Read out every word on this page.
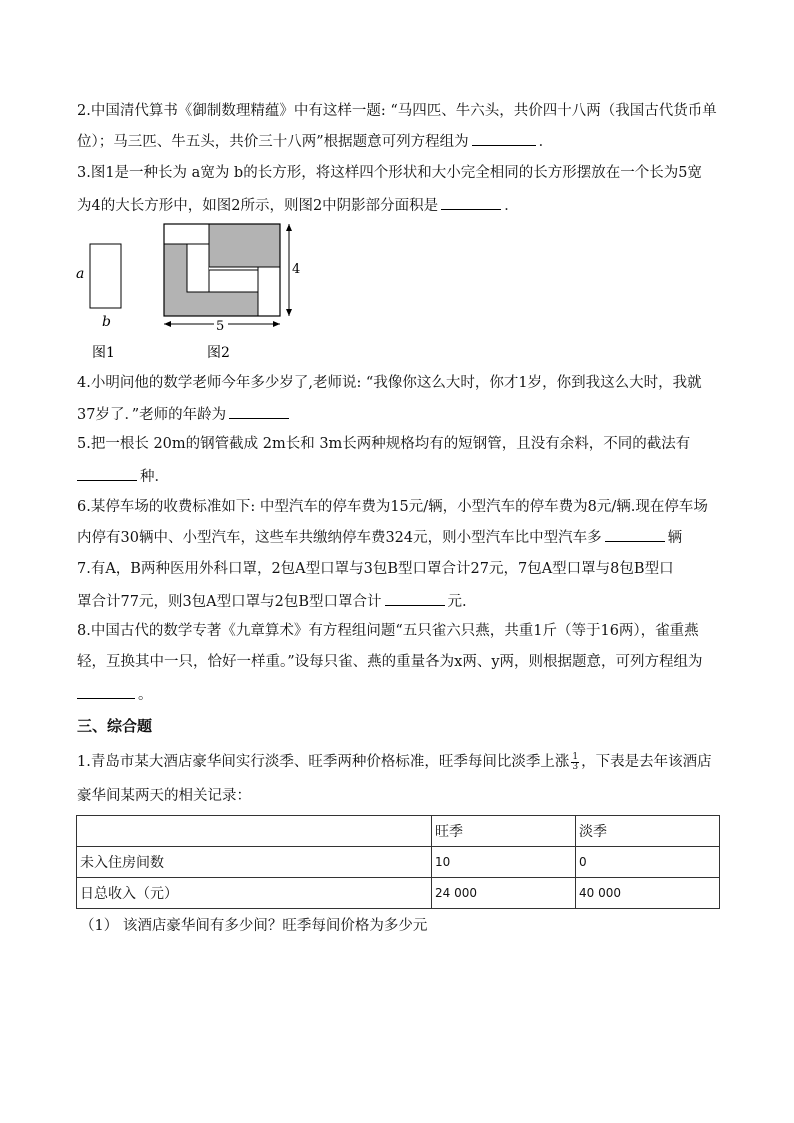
2.中国清代算书《御制数理精蕴》中有这样一题: “马四匹、牛六头，共价四十八两（我国古代货币单
位）；马三匹、牛五头，共价三十八两”根据题意可列方程组为	．
3.图1是一种长为 a宽为 b的长方形，将这样四个形状和大小完全相同的长方形摆放在一个长为5宽
为4的大长方形中，如图2所示，则图2中阴影部分面积是	．
a
b
图1
4
5
图2
4.小明问他的数学老师今年多少岁了,老师说: “我像你这么大时，你才1岁，你到我这么大时，我就
37岁了．”老师的年龄为
5.把一根长 20m的钢管截成 2m长和 3m长两种规格均有的短钢管，且没有余料，不同的截法有
种．
6.某停车场的收费标准如下: 中型汽车的停车费为15元/辆，小型汽车的停车费为8元/辆.现在停车场
内停有30辆中、小型汽车，这些车共缴纳停车费324元，则小型汽车比中型汽车多	辆
7.有A，B两种医用外科口罩，2包A型口罩与3包B型口罩合计27元，7包A型口罩与8包B型口
罩合计77元，则3包A型口罩与2包B型口罩合计	元.
8.中国古代的数学专著《九章算术》有方程组问题“五只雀六只燕，共重1斤（等于16两），雀重燕
轻，互换其中一只，恰好一样重。”设每只雀、燕的重量各为x两、y两，则根据题意，可列方程组为
。
三、综合题
1.青岛市某大酒店豪华间实行淡季、旺季两种价格标准，旺季每间比淡季上涨 $\frac{1}{3}$ ，下表是去年该酒店
豪华间某两天的相关记录：
	旺季	淡季
未入住房间数	10	0
日总收入（元）	24 000	40 000
（1） 该酒店豪华间有多少间？旺季每间价格为多少元
